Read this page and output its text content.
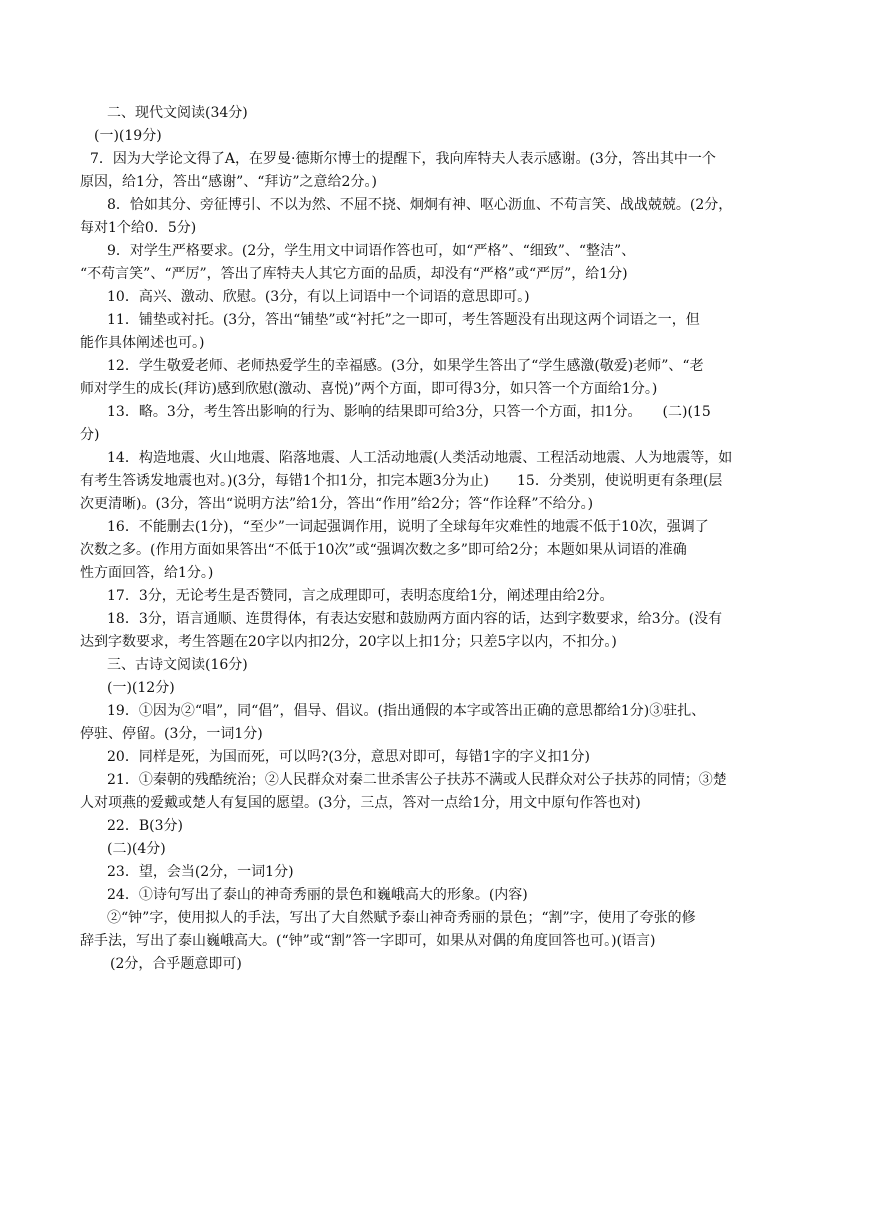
二、现代文阅读(34分)
(一)(19分)
7．因为大学论文得了A，在罗曼·德斯尔博士的提醒下，我向库特夫人表示感谢。(3分，答出其中一个
原因，给1分，答出“感谢”、“拜访”之意给2分。)
8．恰如其分、旁征博引、不以为然、不屈不挠、炯炯有神、呕心沥血、不苟言笑、战战兢兢。(2分，
每对1个给0．5分)
9．对学生严格要求。(2分，学生用文中词语作答也可，如“严格”、“细致”、“整洁”、
“不苟言笑”、“严厉”，答出了库特夫人其它方面的品质，却没有“严格”或“严厉”，给1分)
10．高兴、激动、欣慰。(3分，有以上词语中一个词语的意思即可。)
11．铺垫或衬托。(3分，答出“铺垫”或“衬托”之一即可，考生答题没有出现这两个词语之一，但
能作具体阐述也可。)
12．学生敬爱老师、老师热爱学生的幸福感。(3分，如果学生答出了“学生感激(敬爱)老师”、“老
师对学生的成长(拜访)感到欣慰(激动、喜悦)”两个方面，即可得3分，如只答一个方面给1分。)
13．略。3分，考生答出影响的行为、影响的结果即可给3分，只答一个方面，扣1分。　　(二)(15
分)
14．构造地震、火山地震、陷落地震、人工活动地震(人类活动地震、工程活动地震、人为地震等，如
有考生答诱发地震也对。)(3分，每错1个扣1分，扣完本题3分为止)　　15．分类别，使说明更有条理(层
次更清晰)。(3分，答出“说明方法”给1分，答出“作用”给2分；答“作诠释”不给分。)
16．不能删去(1分)，“至少”一词起强调作用，说明了全球每年灾难性的地震不低于10次，强调了
次数之多。(作用方面如果答出“不低于10次”或“强调次数之多”即可给2分；本题如果从词语的准确
性方面回答，给1分。)
17．3分，无论考生是否赞同，言之成理即可，表明态度给1分，阐述理由给2分。
18．3分，语言通顺、连贯得体，有表达安慰和鼓励两方面内容的话，达到字数要求，给3分。(没有
达到字数要求，考生答题在20字以内扣2分，20字以上扣1分；只差5字以内，不扣分。)
三、古诗文阅读(16分)
(一)(12分)
19．①因为②“唱”，同“倡”，倡导、倡议。(指出通假的本字或答出正确的意思都给1分)③驻扎、
停驻、停留。(3分，一词1分)
20．同样是死，为国而死，可以吗?(3分，意思对即可，每错1字的字义扣1分)
21．①秦朝的残酷统治；②人民群众对秦二世杀害公子扶苏不满或人民群众对公子扶苏的同情；③楚
人对项燕的爱戴或楚人有复国的愿望。(3分，三点，答对一点给1分，用文中原句作答也对)
22．B(3分)
(二)(4分)
23．望，会当(2分，一词1分)
24．①诗句写出了泰山的神奇秀丽的景色和巍峨高大的形象。(内容)
②“钟”字，使用拟人的手法，写出了大自然赋予泰山神奇秀丽的景色；“割”字，使用了夸张的修
辞手法，写出了泰山巍峨高大。(“钟”或“割”答一字即可，如果从对偶的角度回答也可。)(语言)
(2分，合乎题意即可)
